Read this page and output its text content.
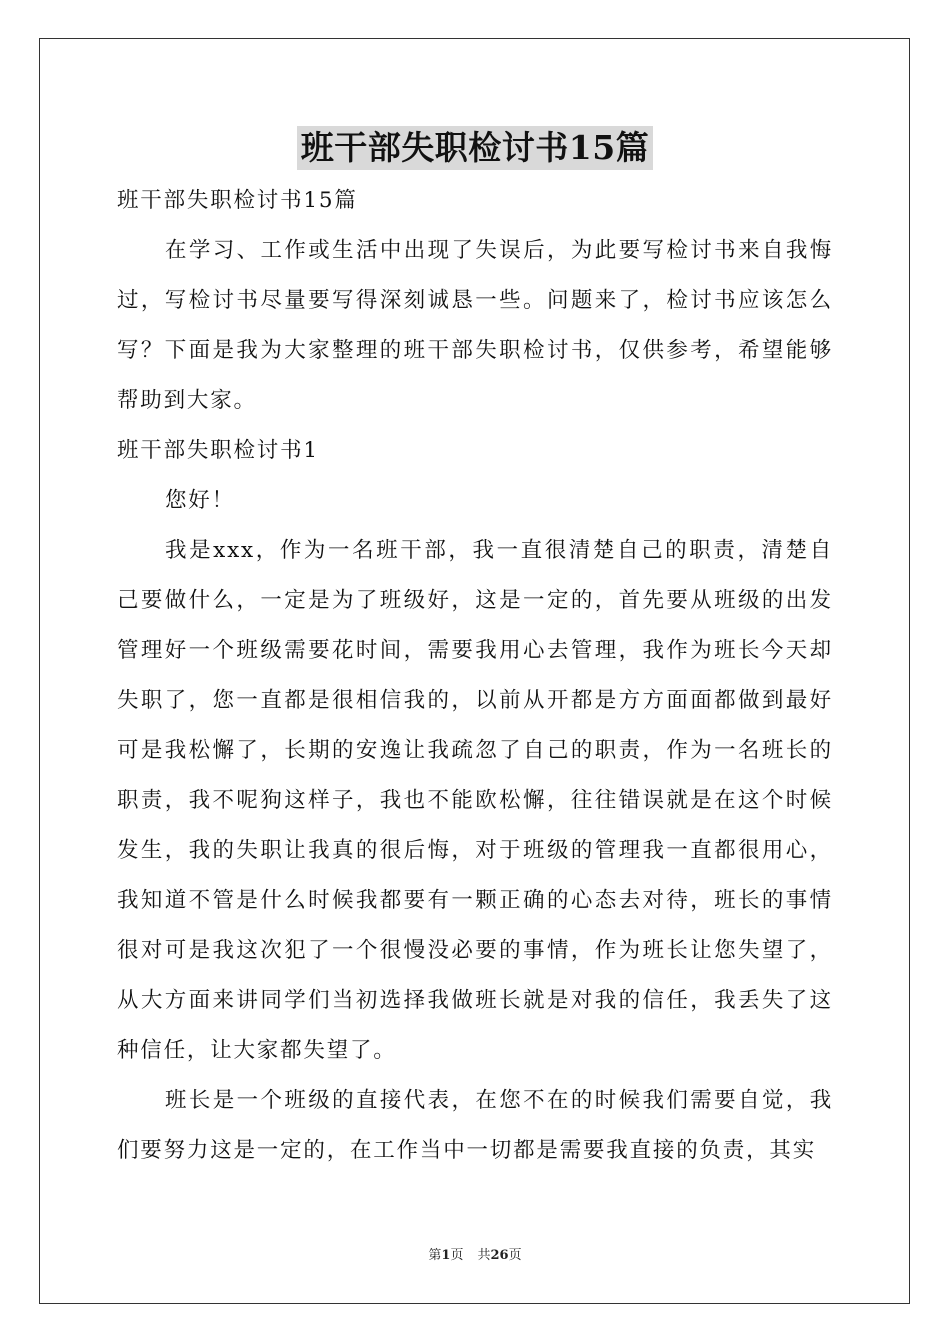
班干部失职检讨书15篇

班干部失职检讨书15篇

在学习、工作或生活中出现了失误后，为此要写检讨书来自我悔过，写检讨书尽量要写得深刻诚恳一些。问题来了，检讨书应该怎么写？下面是我为大家整理的班干部失职检讨书，仅供参考，希望能够帮助到大家。

班干部失职检讨书1

您好！

我是xxx，作为一名班干部，我一直很清楚自己的职责，清楚自己要做什么，一定是为了班级好，这是一定的，首先要从班级的出发管理好一个班级需要花时间，需要我用心去管理，我作为班长今天却失职了，您一直都是很相信我的，以前从开都是方方面面都做到最好可是我松懈了，长期的安逸让我疏忽了自己的职责，作为一名班长的职责，我不呢狗这样子，我也不能欧松懈，往往错误就是在这个时候发生，我的失职让我真的很后悔，对于班级的管理我一直都很用心，我知道不管是什么时候我都要有一颗正确的心态去对待，班长的事情很对可是我这次犯了一个很慢没必要的事情，作为班长让您失望了，从大方面来讲同学们当初选择我做班长就是对我的信任，我丢失了这种信任，让大家都失望了。

班长是一个班级的直接代表，在您不在的时候我们需要自觉，我们要努力这是一定的，在工作当中一切都是需要我直接的负责，其实

第1页 共26页
